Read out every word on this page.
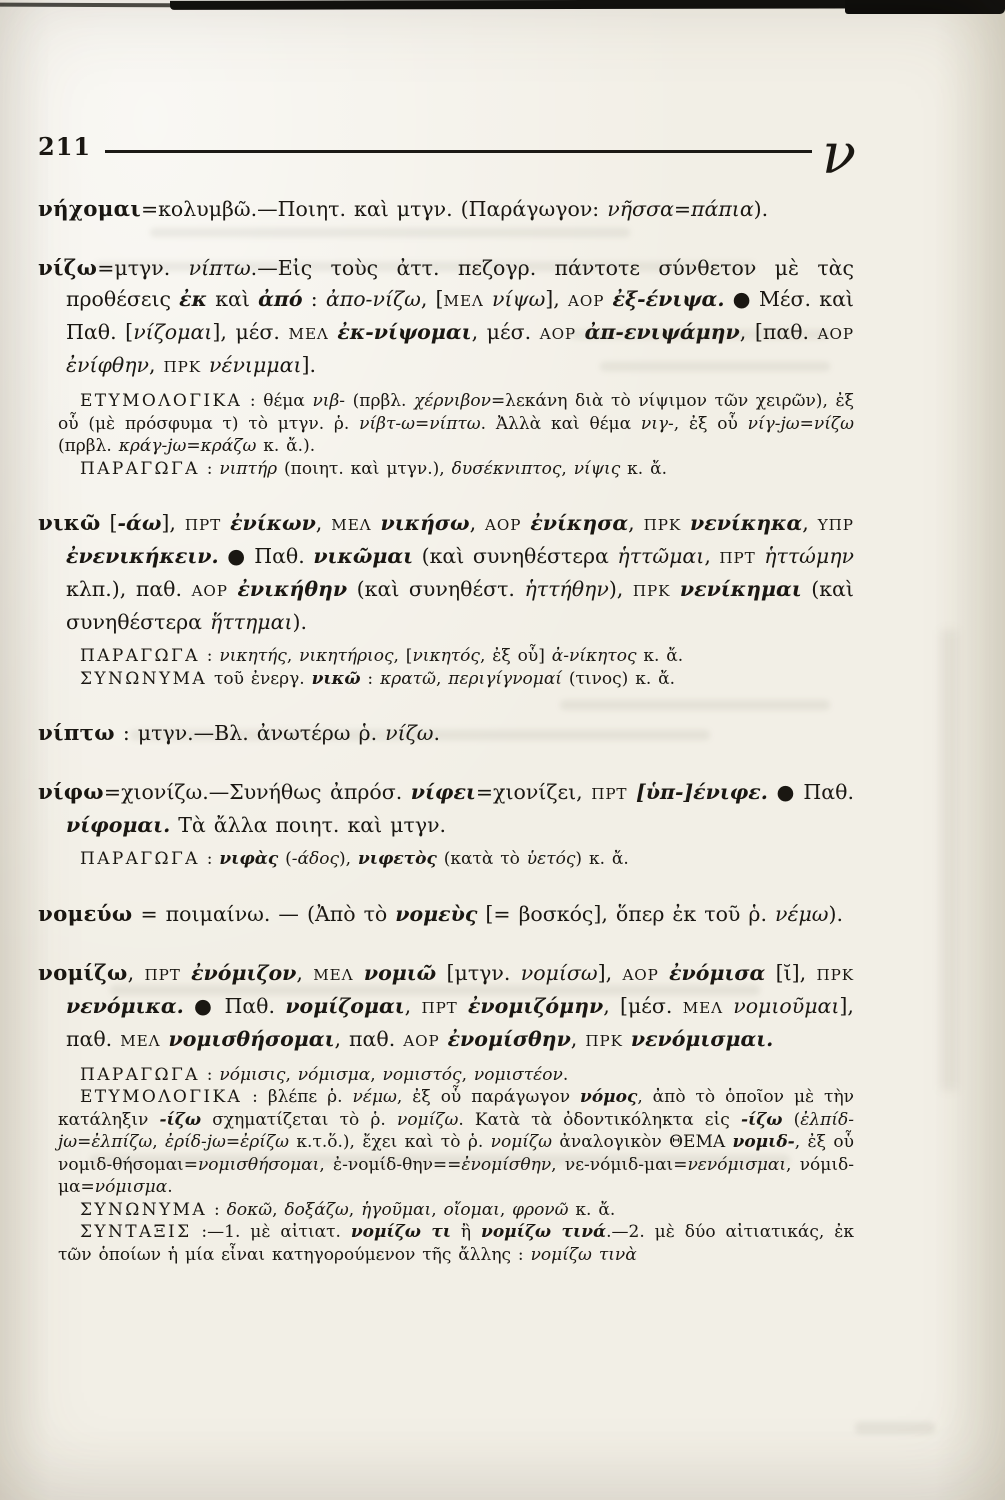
211	ν

νήχομαι=κολυμβῶ.—Ποιητ. καὶ μτγν. (Παράγωγον: νῆσσα=πάπια).

νίζω=μτγν. νίπτω.—Εἰς τοὺς ἀττ. πεζογρ. πάντοτε σύνθετον μὲ τὰς προθέσεις ἐκ καὶ ἀπό : ἀπο-νίζω, [ΜΕΛ νίψω], ΑΟΡ ἐξ-ένιψα. ● Μέσ. καὶ Παθ. [νίζομαι], μέσ. ΜΕΛ ἐκ-νίψομαι, μέσ. ΑΟΡ ἀπ-ενιψάμην, [παθ. ΑΟΡ ἐνίφθην, ΠΡΚ νένιμμαι].

ΕΤΥΜΟΛΟΓΙΚΑ : θέμα νιβ- (πρβλ. χέρνιβον=λεκάνη διὰ τὸ νίψιμον τῶν χειρῶν), ἐξ οὗ (μὲ πρόσφυμα τ) τὸ μτγν. ῥ. νίβτ-ω=νίπτω. Ἀλλὰ καὶ θέμα νιγ-, ἐξ οὗ νίγ-jω=νίζω (πρβλ. κράγ-jω=κράζω κ. ἄ.).

ΠΑΡΑΓΩΓΑ : νιπτήρ (ποιητ. καὶ μτγν.), δυσέκνιπτος, νίψις κ. ἄ.

νικῶ [-άω], ΠΡΤ ἐνίκων, ΜΕΛ νικήσω, ΑΟΡ ἐνίκησα, ΠΡΚ νενίκηκα, ΥΠΡ ἐνενικήκειν. ● Παθ. νικῶμαι (καὶ συνηθέστερα ἡττῶμαι, ΠΡΤ ἡττώμην κλπ.), παθ. ΑΟΡ ἐνικήθην (καὶ συνηθέστ. ἡττήθην), ΠΡΚ νενίκημαι (καὶ συνηθέστερα ἥττημαι).

ΠΑΡΑΓΩΓΑ : νικητής, νικητήριος, [νικητός, ἐξ οὗ] ἀ-νίκητος κ. ἄ.

ΣΥΝΩΝΥΜΑ τοῦ ἐνεργ. νικῶ : κρατῶ, περιγίγνομαί (τινος) κ. ἄ.

νίπτω : μτγν.—Βλ. ἀνωτέρω ῥ. νίζω.

νίφω=χιονίζω.—Συνήθως ἀπρόσ. νίφει=χιονίζει, ΠΡΤ [ὑπ-]ένιφε. ● Παθ. νίφομαι. Τὰ ἄλλα ποιητ. καὶ μτγν.

ΠΑΡΑΓΩΓΑ : νιφὰς (-άδος), νιφετὸς (κατὰ τὸ ὑετός) κ. ἄ.

νομεύω = ποιμαίνω. — (Ἀπὸ τὸ νομεὺς [= βοσκός], ὅπερ ἐκ τοῦ ῥ. νέμω).

νομίζω, ΠΡΤ ἐνόμιζον, ΜΕΛ νομιῶ [μτγν. νομίσω], ΑΟΡ ἐνόμισα [ῐ], ΠΡΚ νενόμικα. ● Παθ. νομίζομαι, ΠΡΤ ἐνομιζόμην, [μέσ. ΜΕΛ νομιοῦμαι], παθ. ΜΕΛ νομισθήσομαι, παθ. ΑΟΡ ἐνομίσθην, ΠΡΚ νενόμισμαι.

ΠΑΡΑΓΩΓΑ : νόμισις, νόμισμα, νομιστός, νομιστέον.

ΕΤΥΜΟΛΟΓΙΚΑ : βλέπε ῥ. νέμω, ἐξ οὗ παράγωγον νόμος, ἀπὸ τὸ ὁποῖον μὲ τὴν κατάληξιν -ίζω σχηματίζεται τὸ ῥ. νομίζω. Κατὰ τὰ ὀδοντικόληκτα εἰς -ίζω (ἐλπίδ-jω=ἐλπίζω, ἐρίδ-jω=ἐρίζω κ.τ.ὅ.), ἔχει καὶ τὸ ῥ. νομίζω ἀναλογικὸν ΘΕΜΑ νομιδ-, ἐξ οὗ νομιδ-θήσομαι=νομισθήσομαι, ἐ-νομίδ-θην==ἐνομίσθην, νε-νόμιδ-μαι=νενόμισμαι, νόμιδ-μα=νόμισμα.

ΣΥΝΩΝΥΜΑ : δοκῶ, δοξάζω, ἡγοῦμαι, οἴομαι, φρονῶ κ. ἄ.

ΣΥΝΤΑΞΙΣ :—1. μὲ αἰτιατ. νομίζω τι ἢ νομίζω τινά.—2. μὲ δύο αἰτιατικάς, ἐκ τῶν ὁποίων ἡ μία εἶναι κατηγορούμενον τῆς ἄλλης : νομίζω τινὰ
